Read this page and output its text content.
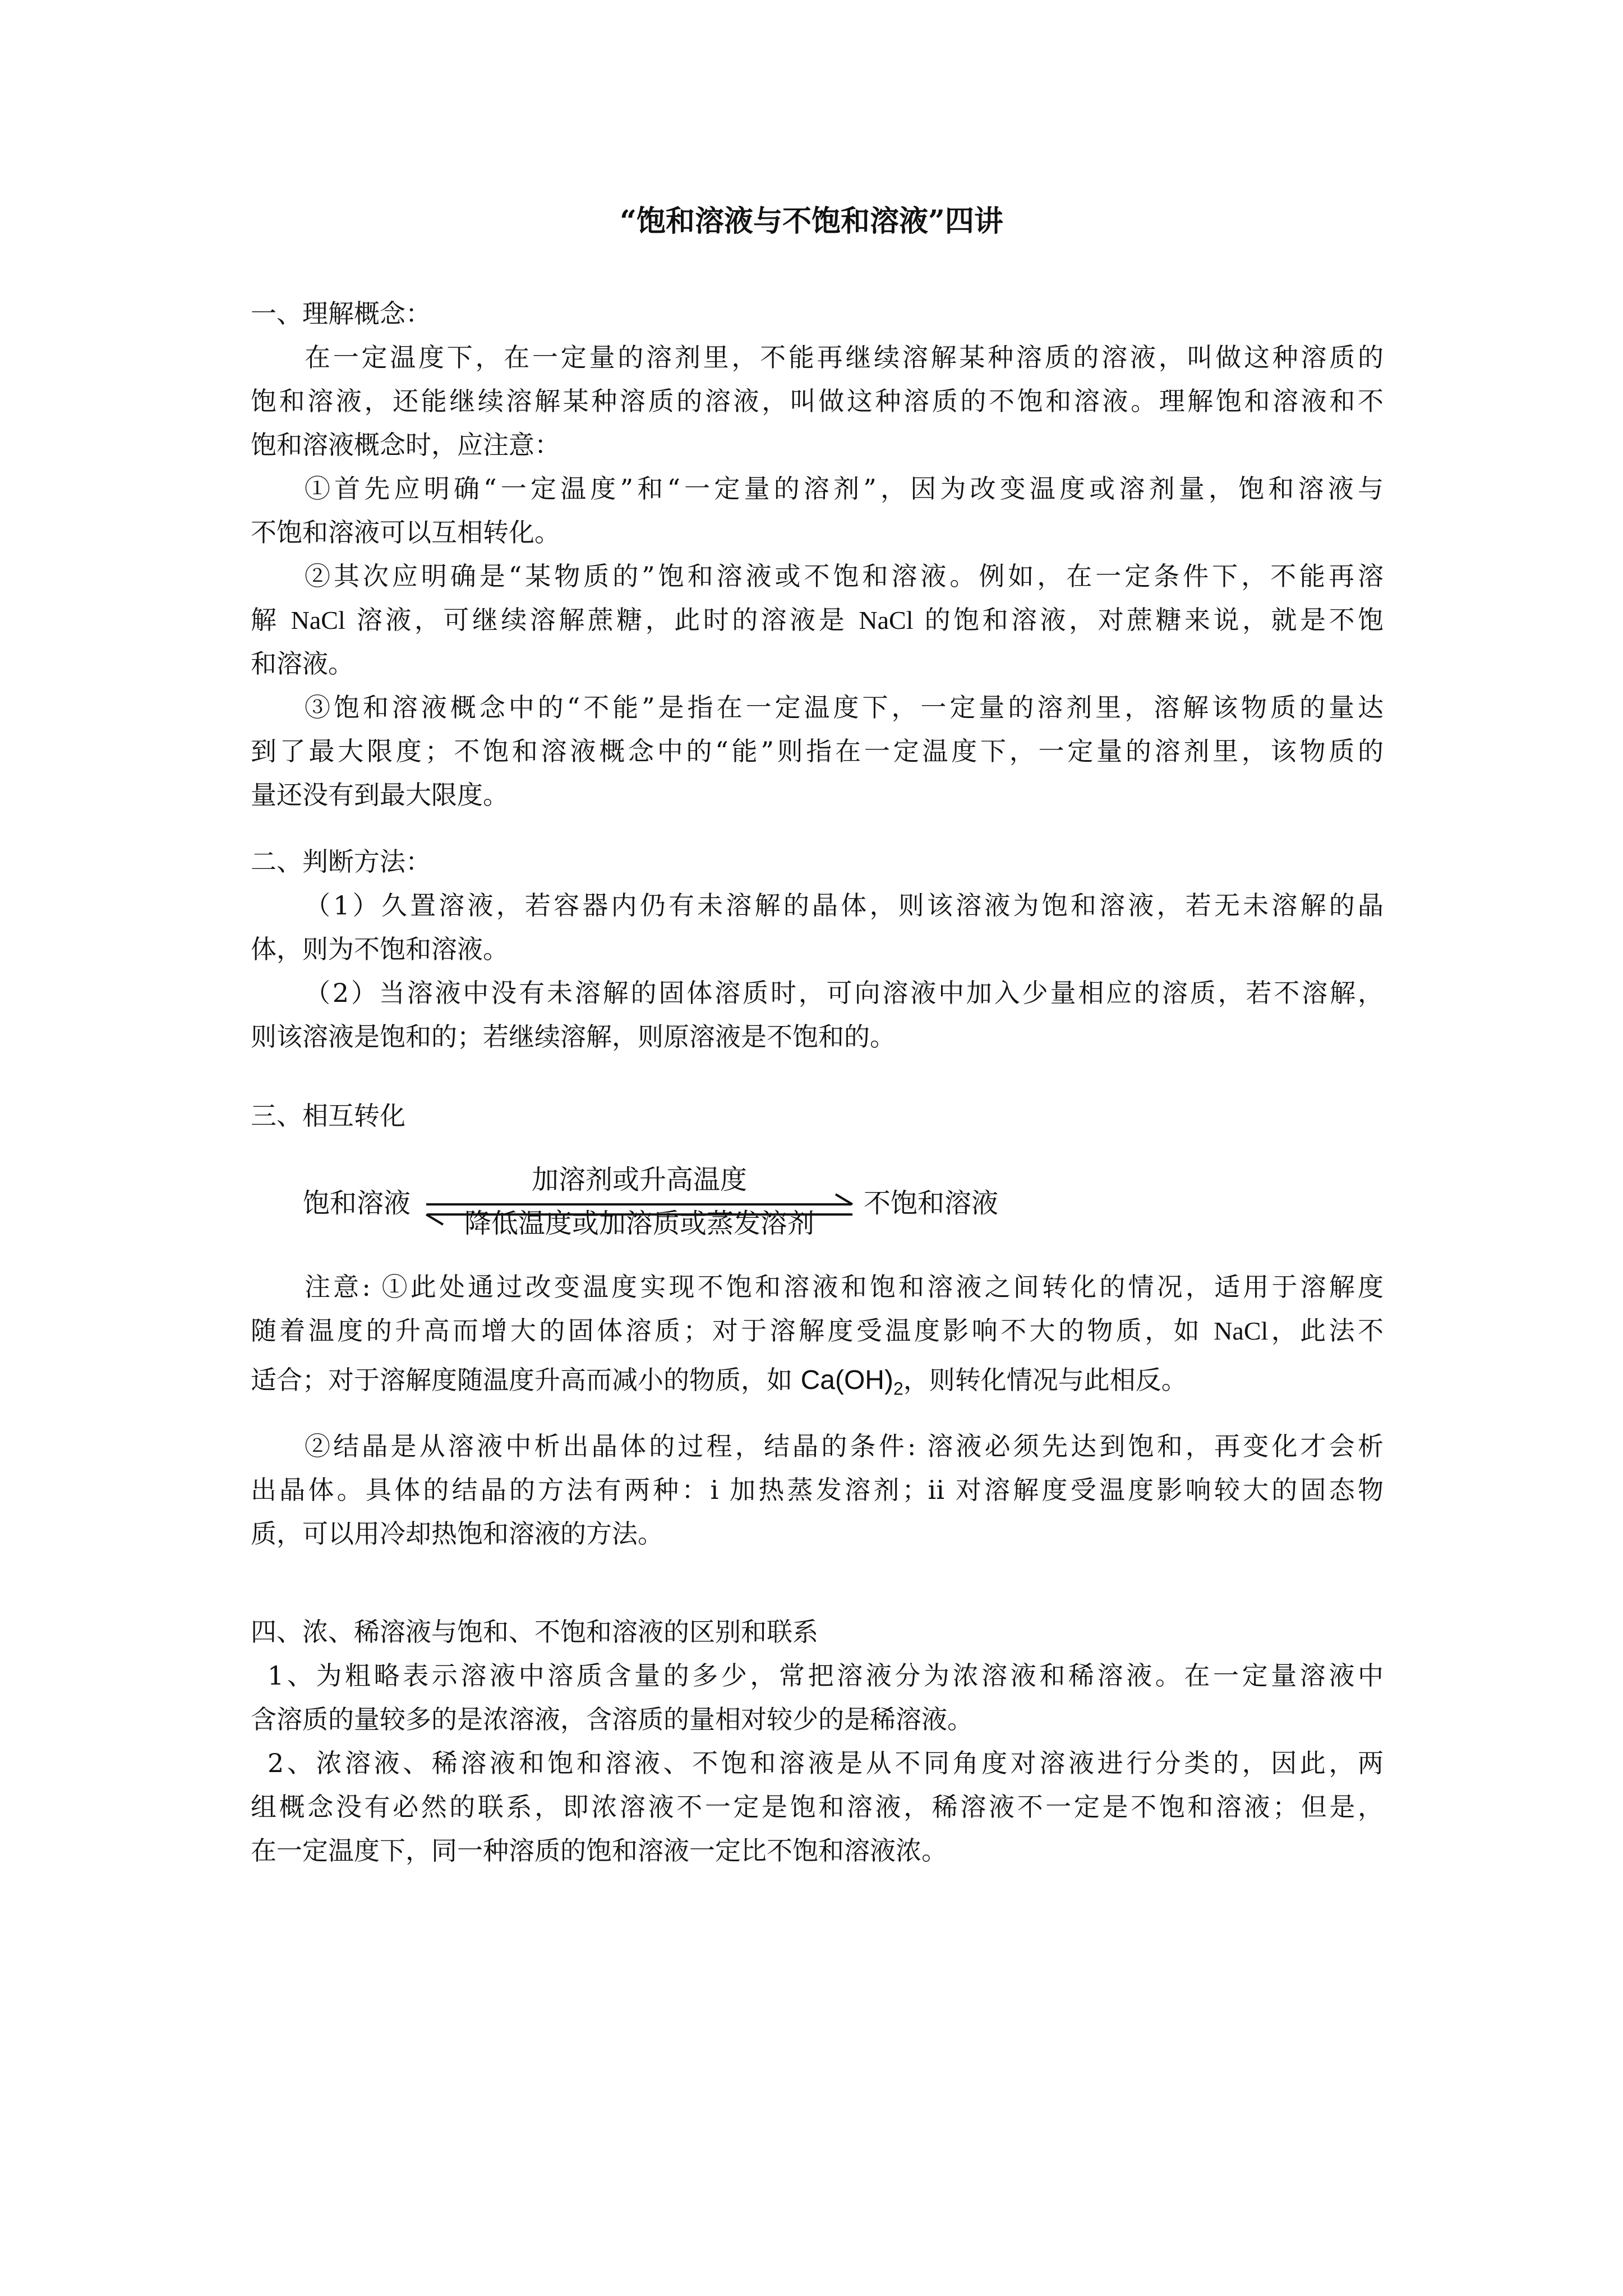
“饱和溶液与不饱和溶液”四讲
一、理解概念：
在一定温度下，在一定量的溶剂里，不能再继续溶解某种溶质的溶液，叫做这种溶质的
饱和溶液，还能继续溶解某种溶质的溶液，叫做这种溶质的不饱和溶液。理解饱和溶液和不
饱和溶液概念时，应注意：
①首先应明确“一定温度”和“一定量的溶剂”，因为改变温度或溶剂量，饱和溶液与
不饱和溶液可以互相转化。
②其次应明确是“某物质的”饱和溶液或不饱和溶液。例如，在一定条件下，不能再溶
解 NaCl 溶液，可继续溶解蔗糖，此时的溶液是 NaCl 的饱和溶液，对蔗糖来说，就是不饱
和溶液。
③饱和溶液概念中的“不能”是指在一定温度下，一定量的溶剂里，溶解该物质的量达
到了最大限度；不饱和溶液概念中的“能”则指在一定温度下，一定量的溶剂里，该物质的
量还没有到最大限度。
二、判断方法：
（1）久置溶液，若容器内仍有未溶解的晶体，则该溶液为饱和溶液，若无未溶解的晶
体，则为不饱和溶液。
（2）当溶液中没有未溶解的固体溶质时，可向溶液中加入少量相应的溶质，若不溶解，
则该溶液是饱和的；若继续溶解，则原溶液是不饱和的。
三、相互转化
饱和溶液
加溶剂或升高温度
降低温度或加溶质或蒸发溶剂
不饱和溶液
注意: ①此处通过改变温度实现不饱和溶液和饱和溶液之间转化的情况，适用于溶解度
随着温度的升高而增大的固体溶质；对于溶解度受温度影响不大的物质，如 NaCl，此法不
适合；对于溶解度随温度升高而减小的物质，如 $Ca(OH)_2$，则转化情况与此相反。
②结晶是从溶液中析出晶体的过程，结晶的条件: 溶液必须先达到饱和，再变化才会析
出晶体。具体的结晶的方法有两种：i 加热蒸发溶剂；ii 对溶解度受温度影响较大的固态物
质，可以用冷却热饱和溶液的方法。
四、浓、稀溶液与饱和、不饱和溶液的区别和联系
1、为粗略表示溶液中溶质含量的多少，常把溶液分为浓溶液和稀溶液。在一定量溶液中
含溶质的量较多的是浓溶液，含溶质的量相对较少的是稀溶液。
2、浓溶液、稀溶液和饱和溶液、不饱和溶液是从不同角度对溶液进行分类的，因此，两
组概念没有必然的联系，即浓溶液不一定是饱和溶液，稀溶液不一定是不饱和溶液；但是，
在一定温度下，同一种溶质的饱和溶液一定比不饱和溶液浓。
